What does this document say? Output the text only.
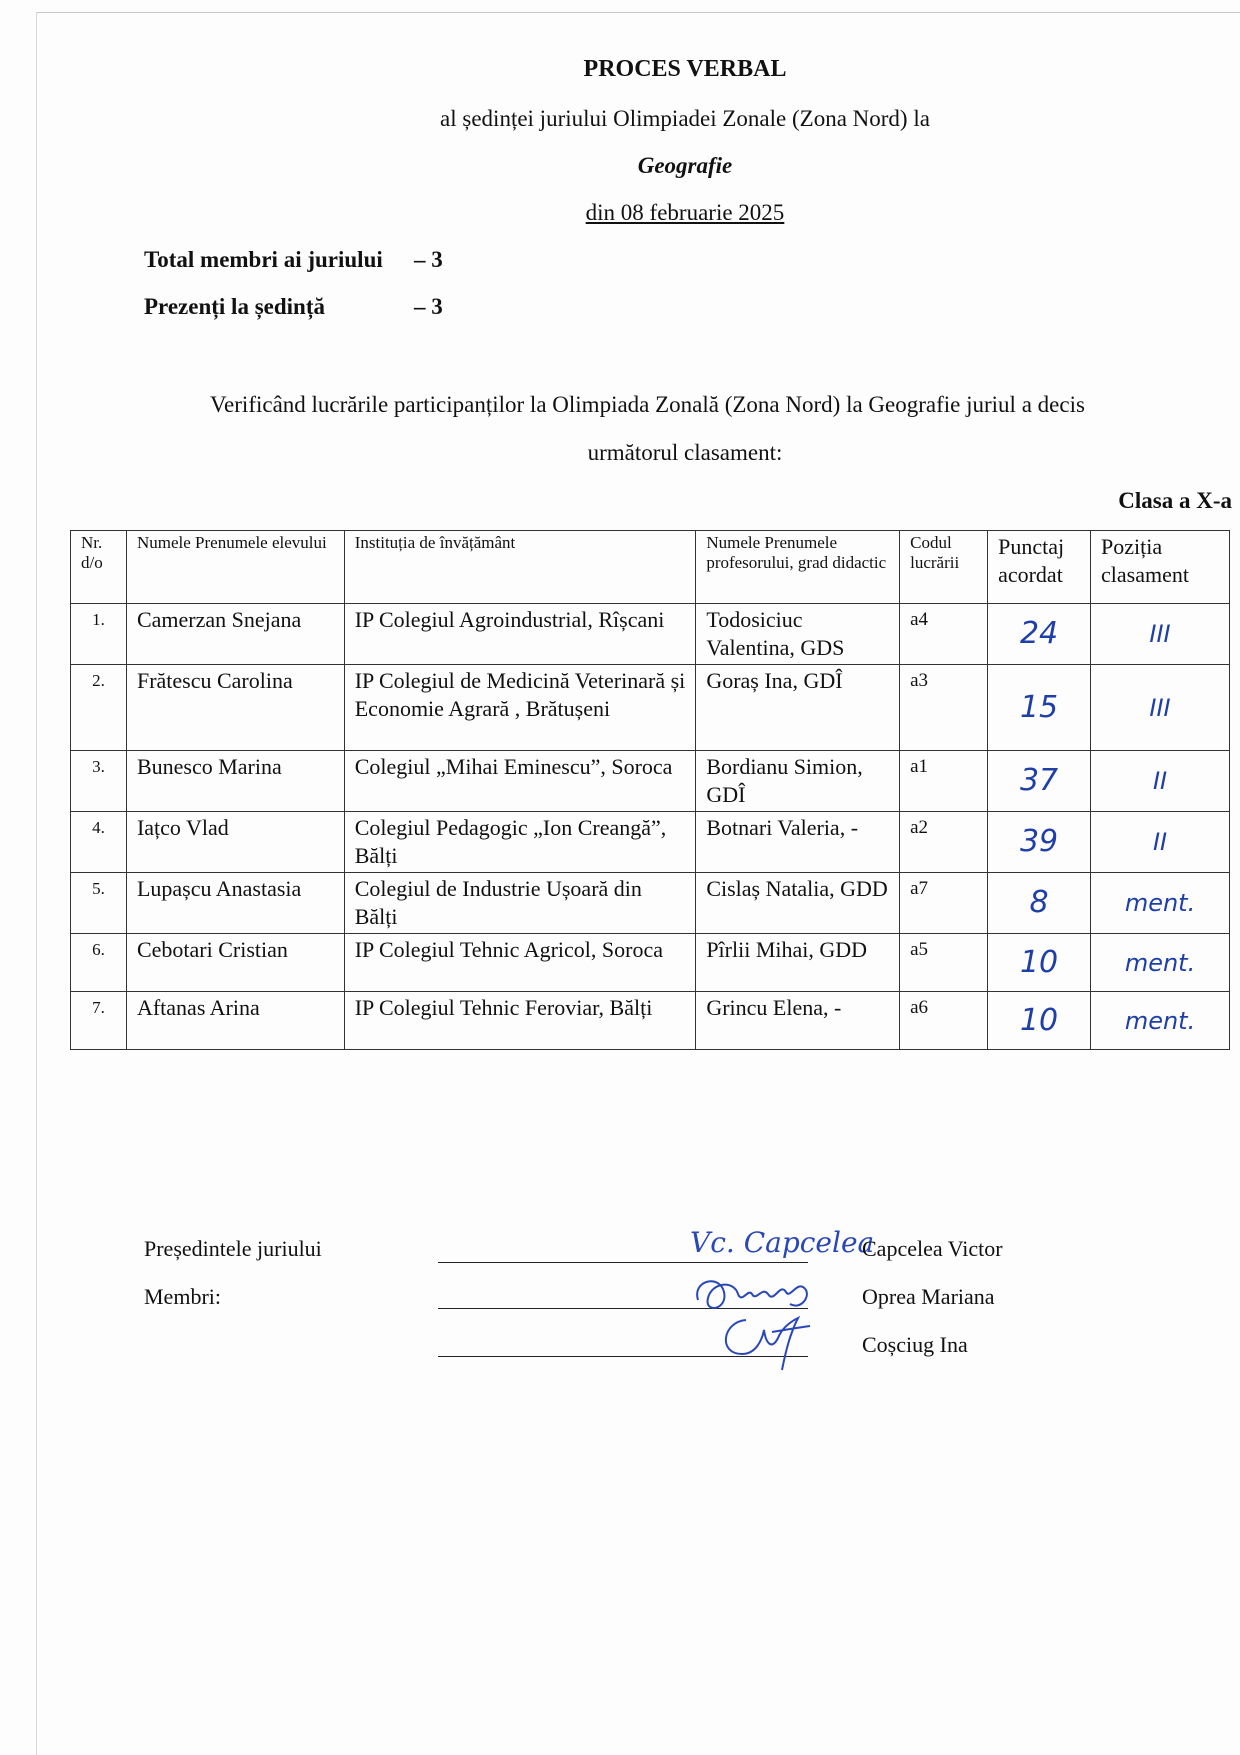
PROCES VERBAL
al ședinței juriului Olimpiadei Zonale (Zona Nord) la
Geografie
din 08 februarie 2025
Total membri ai juriului – 3
Prezenți la ședință	– 3
Verificând lucrările participanților la Olimpiada Zonală (Zona Nord) la Geografie juriul a decis
următorul clasament:
Clasa a X-a
Nr. d/o	Numele Prenumele elevului	Instituția de învățământ	Numele Prenumele profesorului, grad didactic	Codul lucrării	Punctaj acordat	Poziția clasament
1.	Camerzan Snejana	IP Colegiul Agroindustrial, Rîșcani	Todosiciuc Valentina, GDS	a4	24	III
2.	Frătescu Carolina	IP Colegiul de Medicină Veterinară și Economie Agrară , Brătușeni	Goraș Ina, GDÎ	a3	15	III
3.	Bunesco Marina	Colegiul „Mihai Eminescu”, Soroca	Bordianu Simion, GDÎ	a1	37	II
4.	Iațco Vlad	Colegiul Pedagogic „Ion Creangă”, Bălți	Botnari Valeria, -	a2	39	II
5.	Lupașcu Anastasia	Colegiul de Industrie Ușoară din Bălți	Cislaș Natalia, GDD	a7	8	ment.
6.	Cebotari Cristian	IP Colegiul Tehnic Agricol, Soroca	Pîrlii Mihai, GDD	a5	10	ment.
7.	Aftanas Arina	IP Colegiul Tehnic Feroviar, Bălți	Grincu Elena, -	a6	10	ment.
Președintele juriului
Membri:
Vc. Capcelea
Capcelea Victor
Oprea Mariana
Coșciug Ina
